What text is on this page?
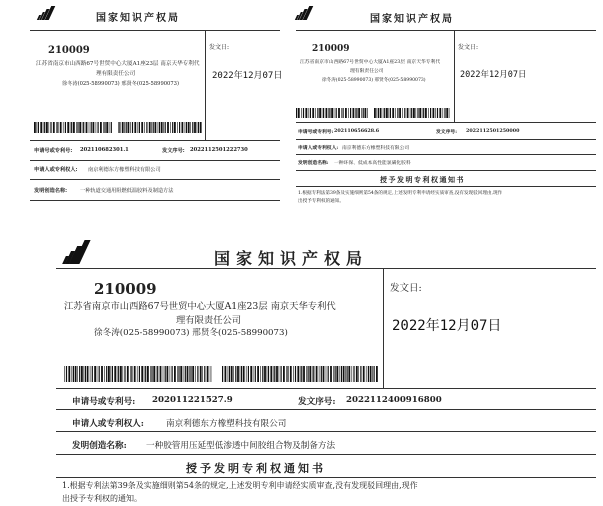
国家知识产权局
210009
江苏省南京市山西路67号世贸中心大厦A1座23层 南京天华专利代
理有限责任公司
徐冬涛(025-58990073) 邢贤冬(025-58990073)
发文日:
2022年12月07日
申请号或专利号: 202110682301.1	发文序号: 2022112501222730
申请人或专利权人: 南京利德东方橡塑科技有限公司
发明创造名称: 一种轨道交通用阻燃低温胶料及制造方法
国家知识产权局
210009
江苏省南京市山西路67号世贸中心大厦A1座23层 南京天华专利代
理有限责任公司
徐冬涛(025-58990073) 邢贤冬(025-58990073)
发文日:
2022年12月07日
申请号或专利号: 202110656628.6	发文序号: 2022112501250000
申请人或专利权人: 南京利德东方橡塑科技有限公司
发明创造名称: 一种环保、低成本高性能氯磺化胶料
授予发明专利权通知书
1.根据专利法第39条及实施细则第54条的规定,上述发明专利申请经实质审查,没有发现驳回理由,现作
出授予专利权的通知。
国家知识产权局
210009
江苏省南京市山西路67号世贸中心大厦A1座23层 南京天华专利代
理有限责任公司
徐冬涛(025-58990073) 邢贤冬(025-58990073)
发文日:
2022年12月07日
申请号或专利号: 202011221527.9	发文序号: 2022112400916800
申请人或专利权人:	南京利德东方橡塑科技有限公司
发明创造名称: 一种胶管用压延型低渗透中间胶组合物及制备方法
授予发明专利权通知书
1.根据专利法第39条及实施细则第54条的规定,上述发明专利申请经实质审查,没有发现驳回理由,现作
出授予专利权的通知。
